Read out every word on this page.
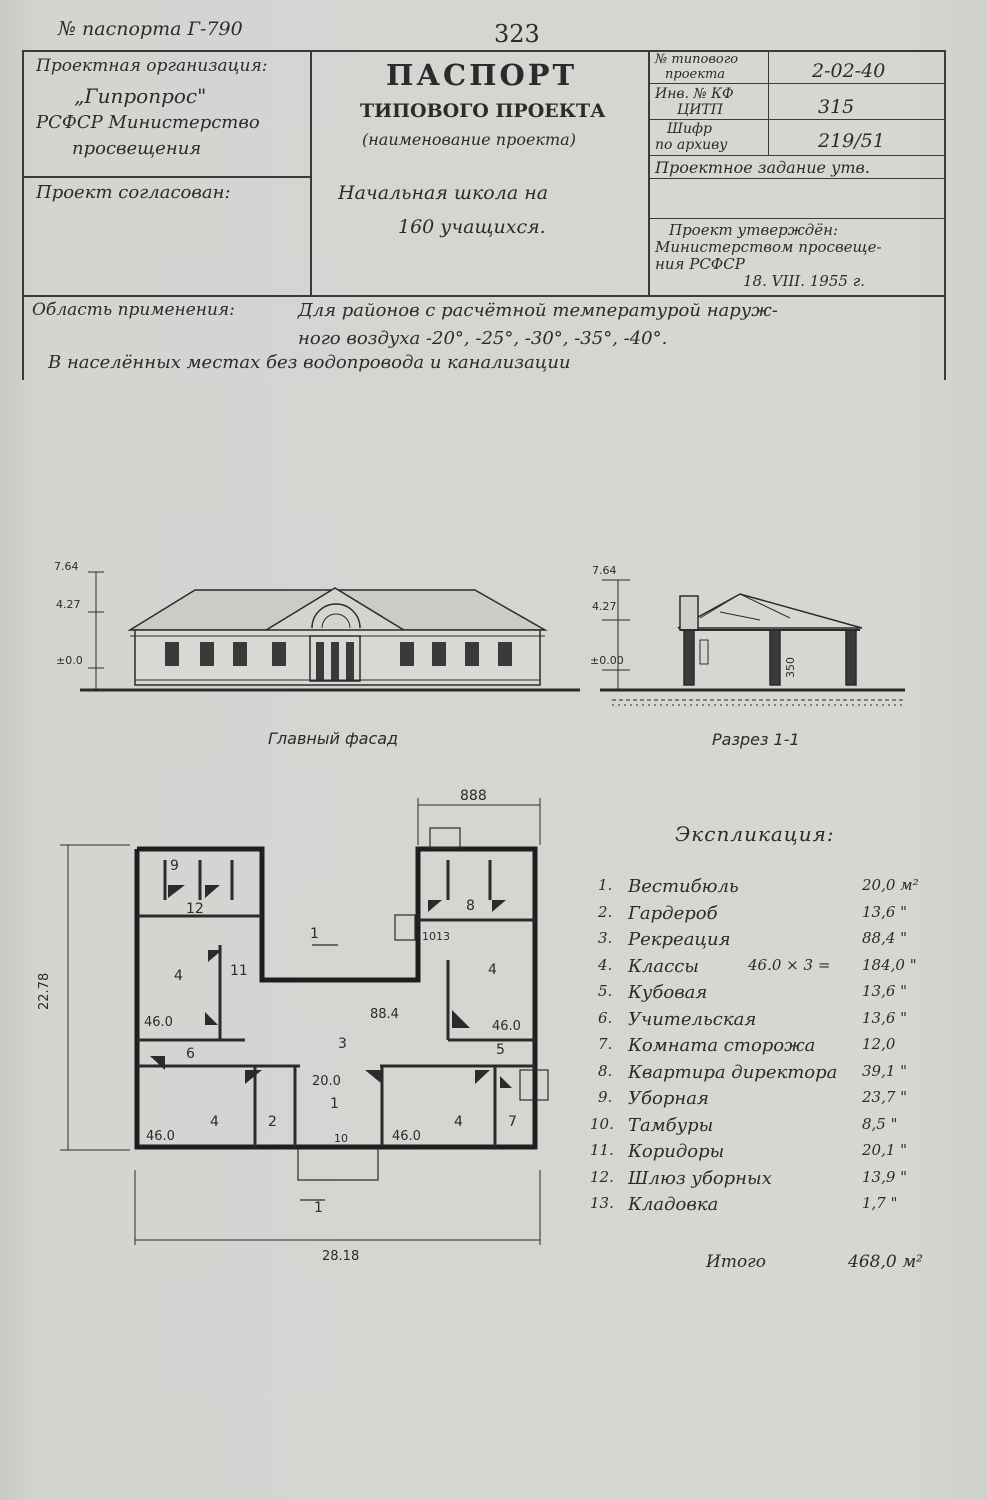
№ паспорта Г-790	323
Проектная организация:
„Гипропрос"
РСФСР Министерство
просвещения
Проект согласован:
ПАСПОРТ
ТИПОВОГО ПРОЕКТА
(наименование проекта)
Начальная школа на
160 учащихся.
№ типового
проекта	2-02-40
Инв. № КФ
ЦИТП	315
Шифр
по архиву	219/51
Проектное задание утв.
Проект утверждён:
Министерством просвеще-
ния РСФСР
18. VIII. 1955 г.
Область применения:	Для районов с расчётной температурой наруж-
ного воздуха -20°, -25°, -30°, -35°, -40°.
В населённых местах без водопровода и канализации
7.64
4.27
±0.0
Главный фасад
7.64
4.27
±0.00	350
Разрез 1-1
888
22.78
28.18
9
12	8
11
10 13
4	4
4	4
46.0	46.0
46.0	46.0
3
88.4
6	5
2
1
20.0
10
7
1
1
Экспликация:
1. Вестибюль	20,0 м²
2. Гардероб	13,6 "
3. Рекреация	88,4 "
4. Классы	46.0 × 3 = 184,0 "
5. Кубовая	13,6 "
6. Учительская	13,6 "
7. Комната сторожа	12,0
8. Квартира директора 39,1 "
9. Уборная	23,7 "
10. Тамбуры	8,5 "
11. Коридоры	20,1 "
12. Шлюз уборных	13,9 "
13. Кладовка	1,7 "
Итого	468,0 м²
